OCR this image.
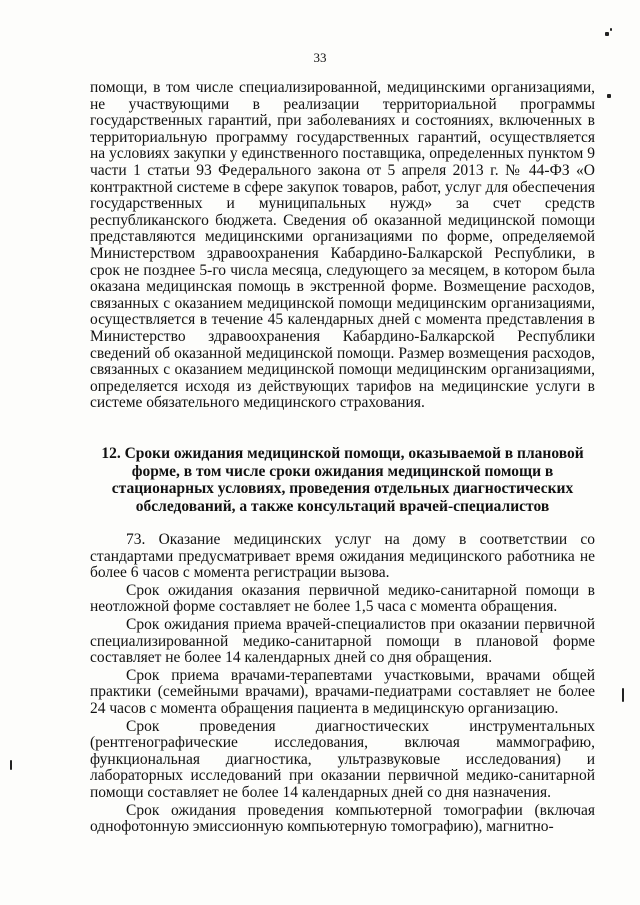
33

помощи, в том числе специализированной, медицинскими организациями, не участвующими в реализации территориальной программы государственных гарантий, при заболеваниях и состояниях, включенных в территориальную программу государственных гарантий, осуществляется на условиях закупки у единственного поставщика, определенных пунктом 9 части 1 статьи 93 Федерального закона от 5 апреля 2013 г. № 44-ФЗ «О контрактной системе в сфере закупок товаров, работ, услуг для обеспечения государственных и муниципальных нужд» за счет средств республиканского бюджета. Сведения об оказанной медицинской помощи представляются медицинскими организациями по форме, определяемой Министерством здравоохранения Кабардино-Балкарской Республики, в срок не позднее 5-го числа месяца, следующего за месяцем, в котором была оказана медицинская помощь в экстренной форме. Возмещение расходов, связанных с оказанием медицинской помощи медицинским организациями, осуществляется в течение 45 календарных дней с момента представления в Министерство здравоохранения Кабардино-Балкарской Республики сведений об оказанной медицинской помощи. Размер возмещения расходов, связанных с оказанием медицинской помощи медицинским организациями, определяется исходя из действующих тарифов на медицинские услуги в системе обязательного медицинского страхования.

12. Сроки ожидания медицинской помощи, оказываемой в плановой форме, в том числе сроки ожидания медицинской помощи в стационарных условиях, проведения отдельных диагностических обследований, а также консультаций врачей-специалистов

73. Оказание медицинских услуг на дому в соответствии со стандартами предусматривает время ожидания медицинского работника не более 6 часов с момента регистрации вызова.

Срок ожидания оказания первичной медико-санитарной помощи в неотложной форме составляет не более 1,5 часа с момента обращения.

Срок ожидания приема врачей-специалистов при оказании первичной специализированной медико-санитарной помощи в плановой форме составляет не более 14 календарных дней со дня обращения.

Срок приема врачами-терапевтами участковыми, врачами общей практики (семейными врачами), врачами-педиатрами составляет не более 24 часов с момента обращения пациента в медицинскую организацию.

Срок проведения диагностических инструментальных (рентгенографические исследования, включая маммографию, функциональная диагностика, ультразвуковые исследования) и лабораторных исследований при оказании первичной медико-санитарной помощи составляет не более 14 календарных дней со дня назначения.

Срок ожидания проведения компьютерной томографии (включая однофотонную эмиссионную компьютерную томографию), магнитно-
